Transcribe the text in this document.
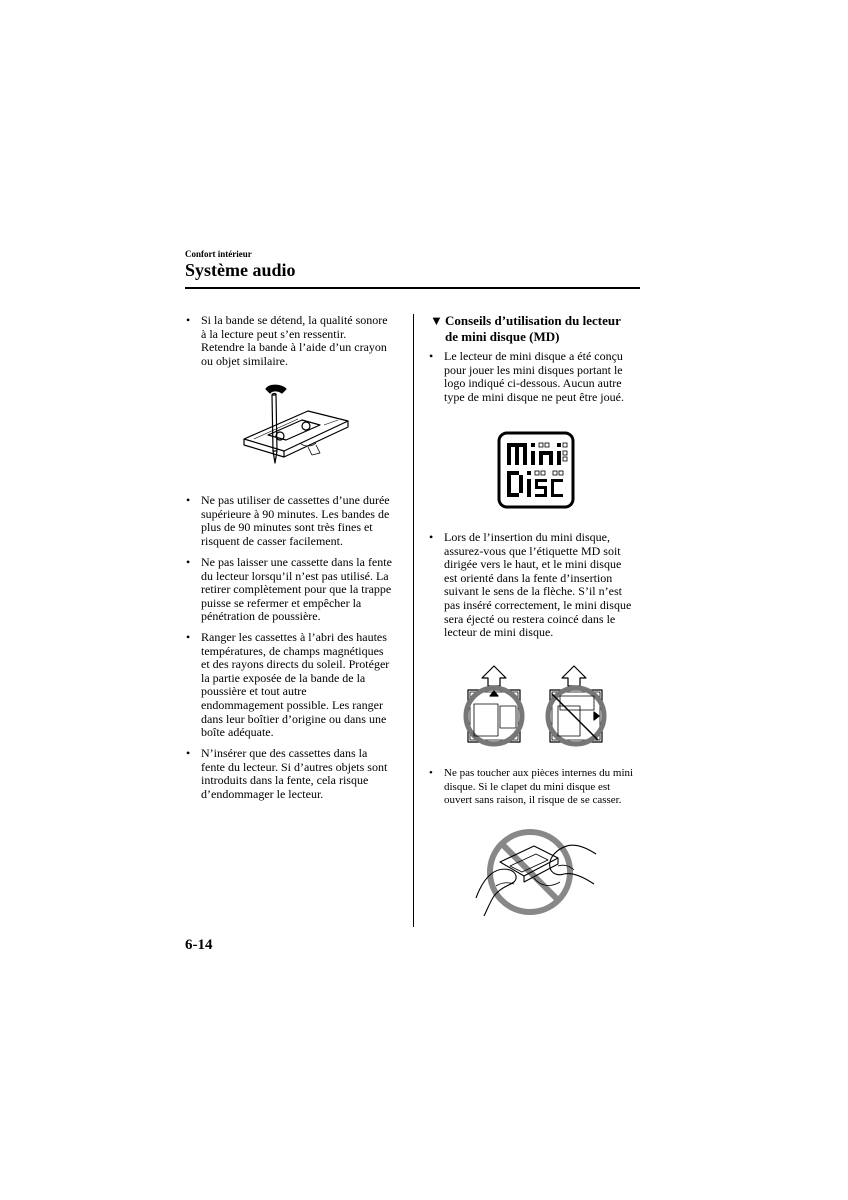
Confort intérieur
Système audio
• Si la bande se détend, la qualité sonore
à la lecture peut s’en ressentir.
Retendre la bande à l’aide d’un crayon
ou objet similaire.
• Ne pas utiliser de cassettes d’une durée
supérieure à 90 minutes. Les bandes de
plus de 90 minutes sont très fines et
risquent de casser facilement.
• Ne pas laisser une cassette dans la fente
du lecteur lorsqu’il n’est pas utilisé. La
retirer complètement pour que la trappe
puisse se refermer et empêcher la
pénétration de poussière.
• Ranger les cassettes à l’abri des hautes
températures, de champs magnétiques
et des rayons directs du soleil. Protéger
la partie exposée de la bande de la
poussière et tout autre
endommagement possible. Les ranger
dans leur boîtier d’origine ou dans une
boîte adéquate.
• N’insérer que des cassettes dans la
fente du lecteur. Si d’autres objets sont
introduits dans la fente, cela risque
d’endommager le lecteur.
▼ Conseils d’utilisation du lecteur
de mini disque (MD)
• Le lecteur de mini disque a été conçu
pour jouer les mini disques portant le
logo indiqué ci-dessous. Aucun autre
type de mini disque ne peut être joué.
• Lors de l’insertion du mini disque,
assurez-vous que l’étiquette MD soit
dirigée vers le haut, et le mini disque
est orienté dans la fente d’insertion
suivant le sens de la flèche. S’il n’est
pas inséré correctement, le mini disque
sera éjecté ou restera coincé dans le
lecteur de mini disque.
• Ne pas toucher aux pièces internes du mini
disque. Si le clapet du mini disque est
ouvert sans raison, il risque de se casser.
6-14
